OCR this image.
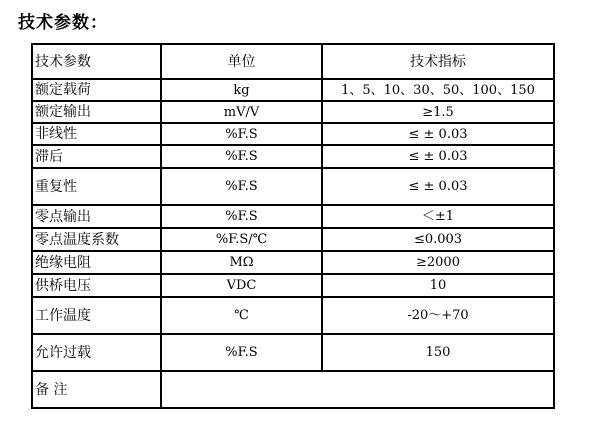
技术参数：
技术参数	单位	技术指标
额定载荷	kg	1、5、10、30、50、100、150
额定输出	mV/V	≥1.5
非线性	%F.S	≤ ± 0.03
滞后	%F.S	≤ ± 0.03
重复性	%F.S	≤ ± 0.03
零点输出	%F.S	＜±1
零点温度系数	%F.S/℃	≤0.003
绝缘电阻	MΩ	≥2000
供桥电压	VDC	10
工作温度	℃	-20～+70
允许过载	%F.S	150
备 注		
